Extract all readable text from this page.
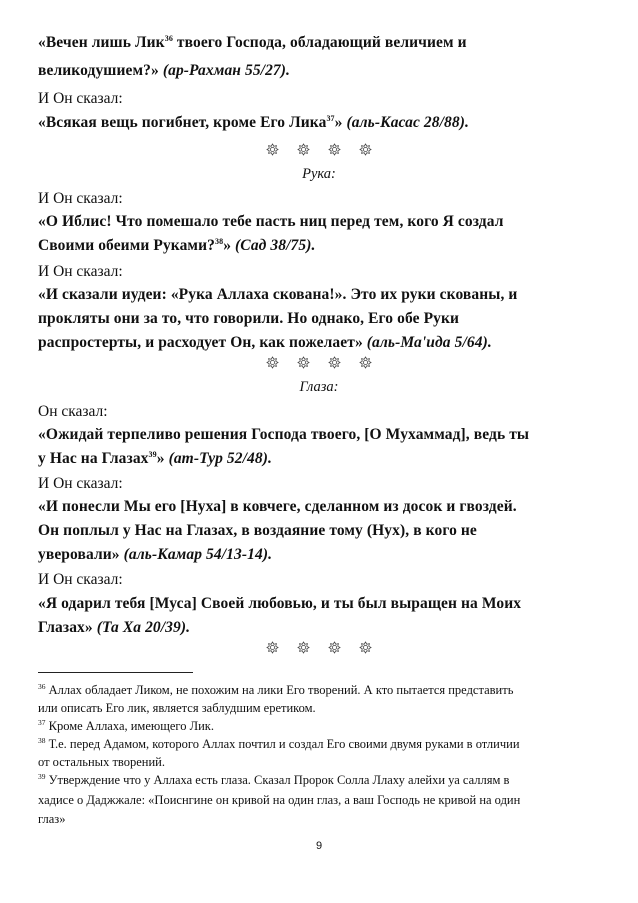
«Вечен лишь Лик$^{36}$ твоего Господа, обладающий величием и
великодушием?» (ар-Рахман 55/27).
И Он сказал:
«Всякая вещь погибнет, кроме Его Лика$^{37}$» (аль-Касас 28/88).

Рука:
И Он сказал:
«О Иблис! Что помешало тебе пасть ниц перед тем, кого Я создал
Своими обеими Руками?$^{38}$» (Сад 38/75).
И Он сказал:
«И сказали иудеи: «Рука Аллаха скована!». Это их руки скованы, и
прокляты они за то, что говорили. Но однако, Его обе Руки
распростерты, и расходует Он, как пожелает» (аль-Ма'ида 5/64).

Глаза:
Он сказал:
«Ожидай терпеливо решения Господа твоего, [О Мухаммад], ведь ты
у Нас на Глазах$^{39}$» (ат-Тур 52/48).
И Он сказал:
«И понесли Мы его [Нуха] в ковчеге, сделанном из досок и гвоздей.
Он поплыл у Нас на Глазах, в воздаяние тому (Нух), в кого не
уверовали» (аль-Камар 54/13-14).
И Он сказал:
«Я одарил тебя [Муса] Своей любовью, и ты был выращен на Моих
Глазах» (Та Ха 20/39).

$^{36}$ Аллах обладает Ликом, не похожим на лики Его творений. А кто пытается представить
или описать Его лик, является заблудшим еретиком.
$^{37}$ Кроме Аллаха, имеющего Лик.
$^{38}$ Т.е. перед Адамом, которого Аллах почтил и создал Его своими двумя руками в отличии
от остальных творений.
$^{39}$ Утверждение что у Аллаха есть глаза. Сказал Пророк Солла Ллаху алейхи уа саллям в
хадисе о Даджжале: «Поиснгине он кривой на один глаз, а ваш Господь не кривой на один
глаз»
9
